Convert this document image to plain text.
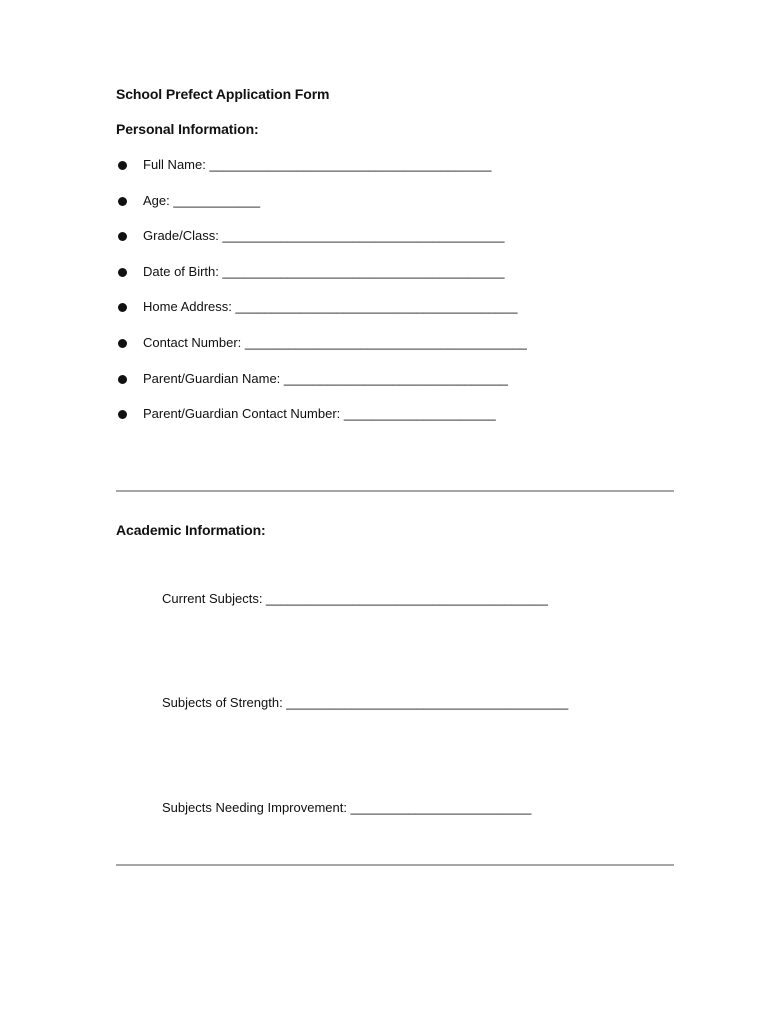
School Prefect Application Form
Personal Information:
Full Name: _______________________________________
Age: ____________
Grade/Class: _______________________________________
Date of Birth: _______________________________________
Home Address: _______________________________________
Contact Number: _______________________________________
Parent/Guardian Name: _______________________________
Parent/Guardian Contact Number: _____________________
Academic Information:
Current Subjects: _______________________________________
Subjects of Strength: _______________________________________
Subjects Needing Improvement: _________________________
